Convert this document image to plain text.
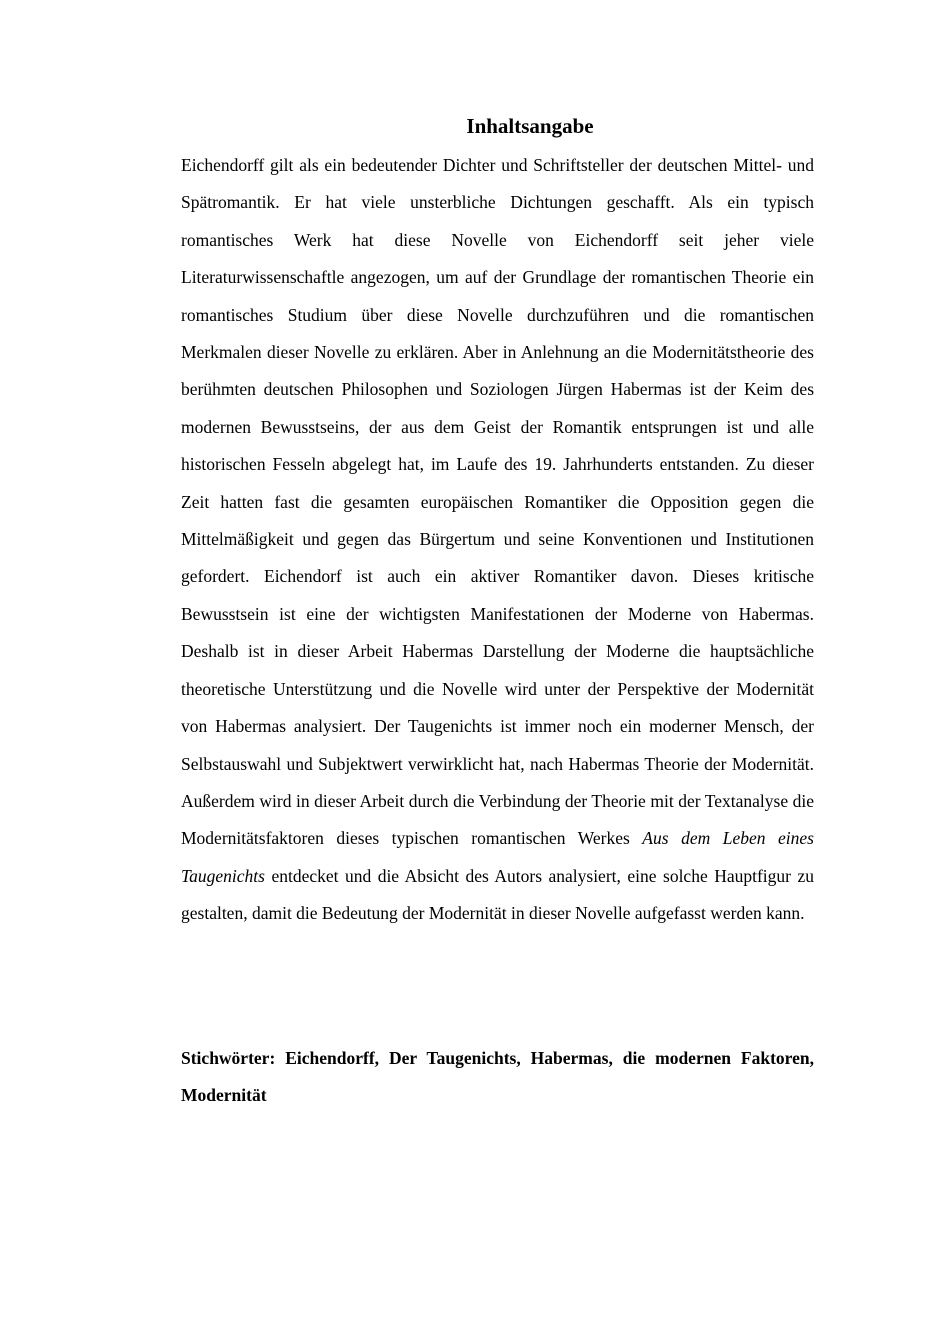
Inhaltsangabe

Eichendorff gilt als ein bedeutender Dichter und Schriftsteller der deutschen Mittel- und Spätromantik. Er hat viele unsterbliche Dichtungen geschafft. Als ein typisch romantisches Werk hat diese Novelle von Eichendorff seit jeher viele Literaturwissenschaftle angezogen, um auf der Grundlage der romantischen Theorie ein romantisches Studium über diese Novelle durchzuführen und die romantischen Merkmalen dieser Novelle zu erklären. Aber in Anlehnung an die Modernitätstheorie des berühmten deutschen Philosophen und Soziologen Jürgen Habermas ist der Keim des modernen Bewusstseins, der aus dem Geist der Romantik entsprungen ist und alle historischen Fesseln abgelegt hat, im Laufe des 19. Jahrhunderts entstanden. Zu dieser Zeit hatten fast die gesamten europäischen Romantiker die Opposition gegen die Mittelmäßigkeit und gegen das Bürgertum und seine Konventionen und Institutionen gefordert. Eichendorf ist auch ein aktiver Romantiker davon. Dieses kritische Bewusstsein ist eine der wichtigsten Manifestationen der Moderne von Habermas. Deshalb ist in dieser Arbeit Habermas Darstellung der Moderne die hauptsächliche theoretische Unterstützung und die Novelle wird unter der Perspektive der Modernität von Habermas analysiert. Der Taugenichts ist immer noch ein moderner Mensch, der Selbstauswahl und Subjektwert verwirklicht hat, nach Habermas Theorie der Modernität. Außerdem wird in dieser Arbeit durch die Verbindung der Theorie mit der Textanalyse die Modernitätsfaktoren dieses typischen romantischen Werkes Aus dem Leben eines Taugenichts entdecket und die Absicht des Autors analysiert, eine solche Hauptfigur zu gestalten, damit die Bedeutung der Modernität in dieser Novelle aufgefasst werden kann.

Stichwörter: Eichendorff, Der Taugenichts, Habermas, die modernen Faktoren, Modernität
